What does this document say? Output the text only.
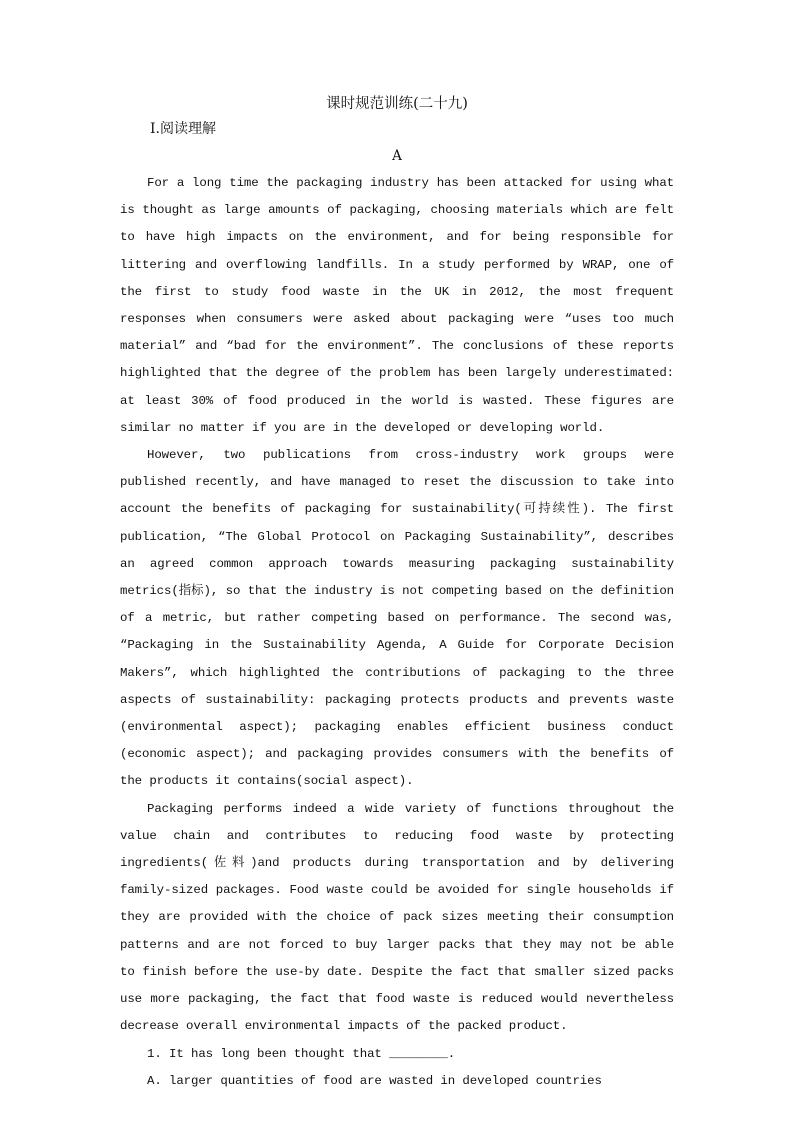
课时规范训练(二十九)

Ⅰ.阅读理解

A

For a long time the packaging industry has been attacked for using what is thought as large amounts of packaging, choosing materials which are felt to have high impacts on the environment, and for being responsible for littering and overflowing landfills. In a study performed by WRAP, one of the first to study food waste in the UK in 2012, the most frequent responses when consumers were asked about packaging were “uses too much material” and “bad for the environment”. The conclusions of these reports highlighted that the degree of the problem has been largely underestimated: at least 30% of food produced in the world is wasted. These figures are similar no matter if you are in the developed or developing world.

However, two publications from cross-industry work groups were published recently, and have managed to reset the discussion to take into account the benefits of packaging for sustainability(可持续性). The first publication, “The Global Protocol on Packaging Sustainability”, describes an agreed common approach towards measuring packaging sustainability metrics(指标), so that the industry is not competing based on the definition of a metric, but rather competing based on performance. The second was, “Packaging in the Sustainability Agenda, A Guide for Corporate Decision Makers”, which highlighted the contributions of packaging to the three aspects of sustainability: packaging protects products and prevents waste (environmental aspect); packaging enables efficient business conduct (economic aspect); and packaging provides consumers with the benefits of the products it contains(social aspect).

Packaging performs indeed a wide variety of functions throughout the value chain and contributes to reducing food waste by protecting ingredients(佐料)and products during transportation and by delivering family-sized packages. Food waste could be avoided for single households if they are provided with the choice of pack sizes meeting their consumption patterns and are not forced to buy larger packs that they may not be able to finish before the use-by date. Despite the fact that smaller sized packs use more packaging, the fact that food waste is reduced would nevertheless decrease overall environmental impacts of the packed product.

1. It has long been thought that ________.

A. larger quantities of food are wasted in developed countries
